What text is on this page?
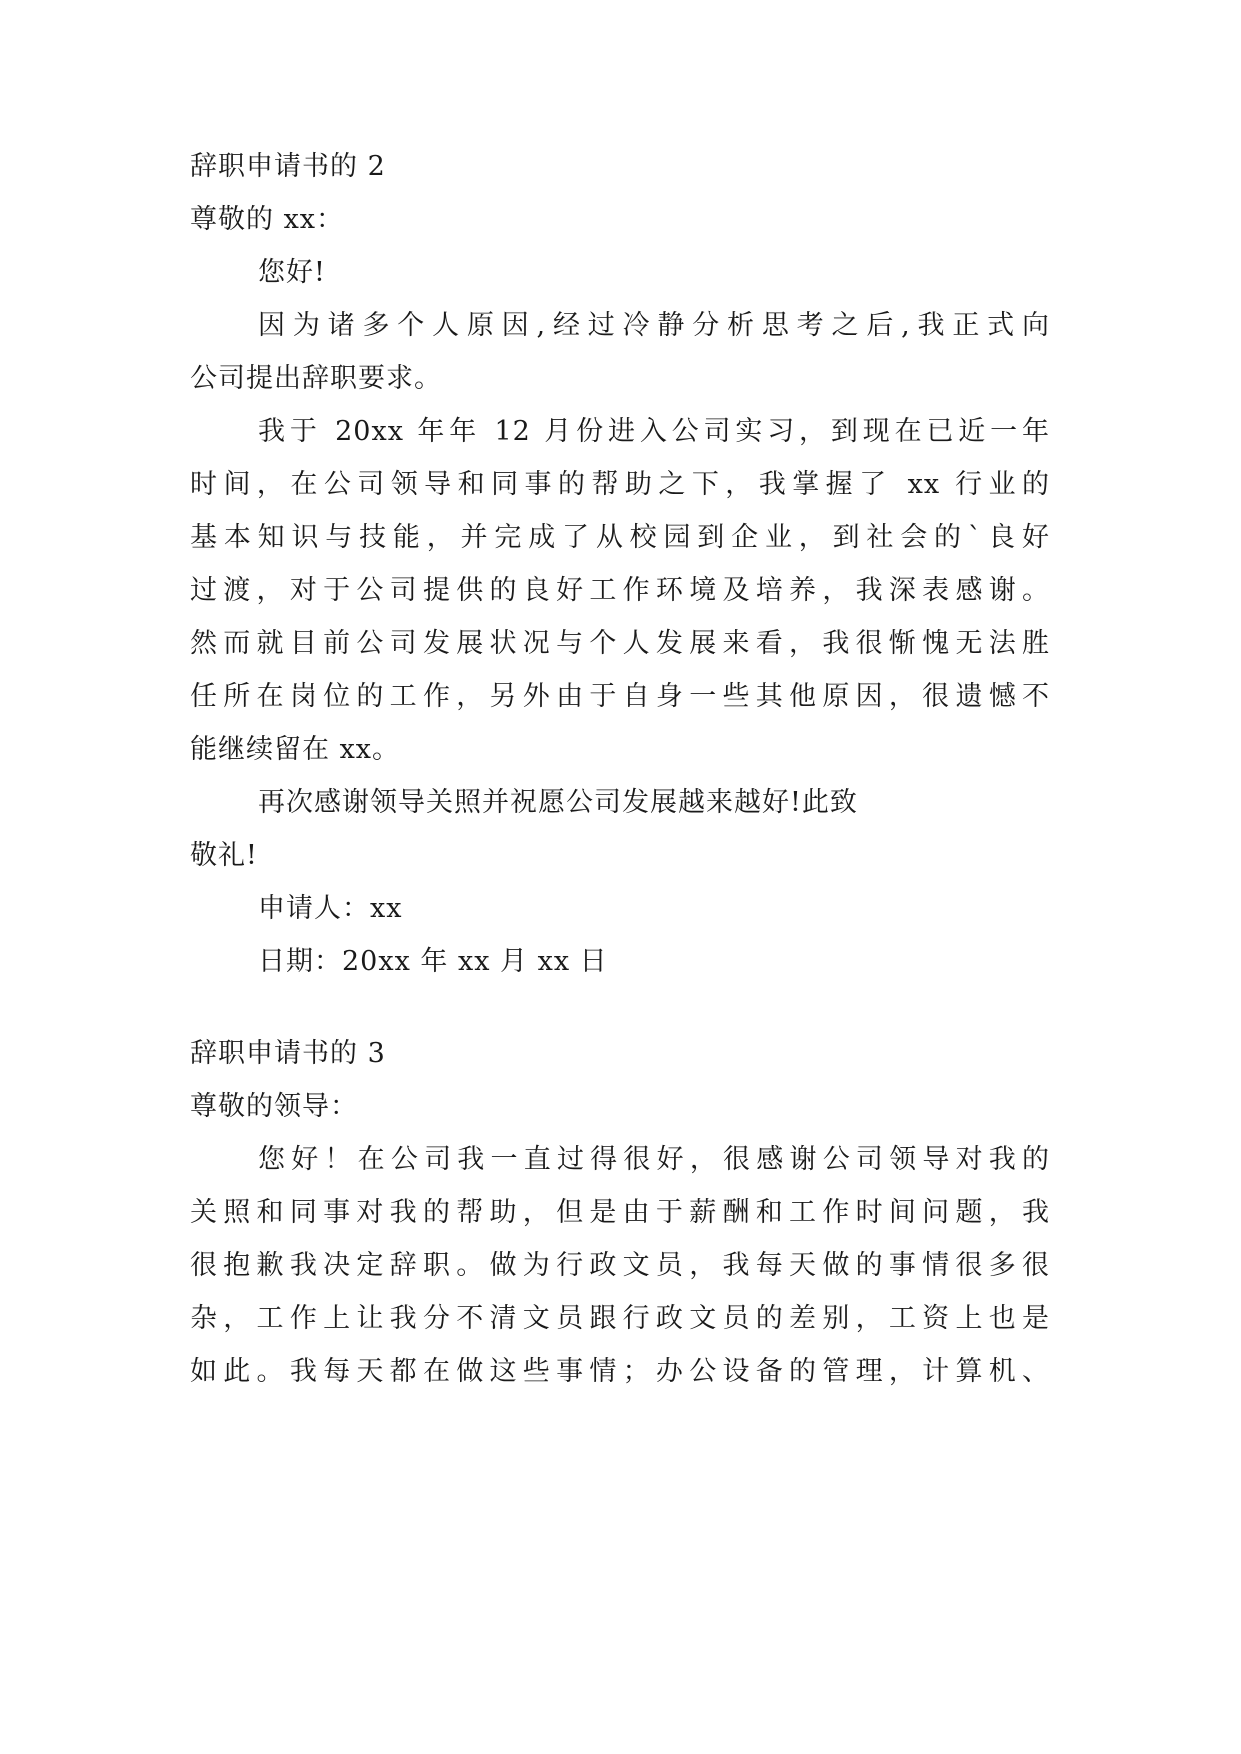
辞职申请书的 2
尊敬的 xx：
您好!
因为诸多个人原因,经过冷静分析思考之后,我正式向
公司提出辞职要求。
我于 20xx 年年 12 月份进入公司实习，到现在已近一年
时间，在公司领导和同事的帮助之下，我掌握了 xx 行业的
基本知识与技能，并完成了从校园到企业，到社会的`良好
过渡，对于公司提供的良好工作环境及培养，我深表感谢。
然而就目前公司发展状况与个人发展来看，我很惭愧无法胜
任所在岗位的工作，另外由于自身一些其他原因，很遗憾不
能继续留在 xx。
再次感谢领导关照并祝愿公司发展越来越好!此致
敬礼!
申请人：xx
日期：20xx 年 xx 月 xx 日
辞职申请书的 3
尊敬的领导：
您好！在公司我一直过得很好，很感谢公司领导对我的
关照和同事对我的帮助，但是由于薪酬和工作时间问题，我
很抱歉我决定辞职。做为行政文员，我每天做的事情很多很
杂，工作上让我分不清文员跟行政文员的差别，工资上也是
如此。我每天都在做这些事情；办公设备的管理，计算机、
